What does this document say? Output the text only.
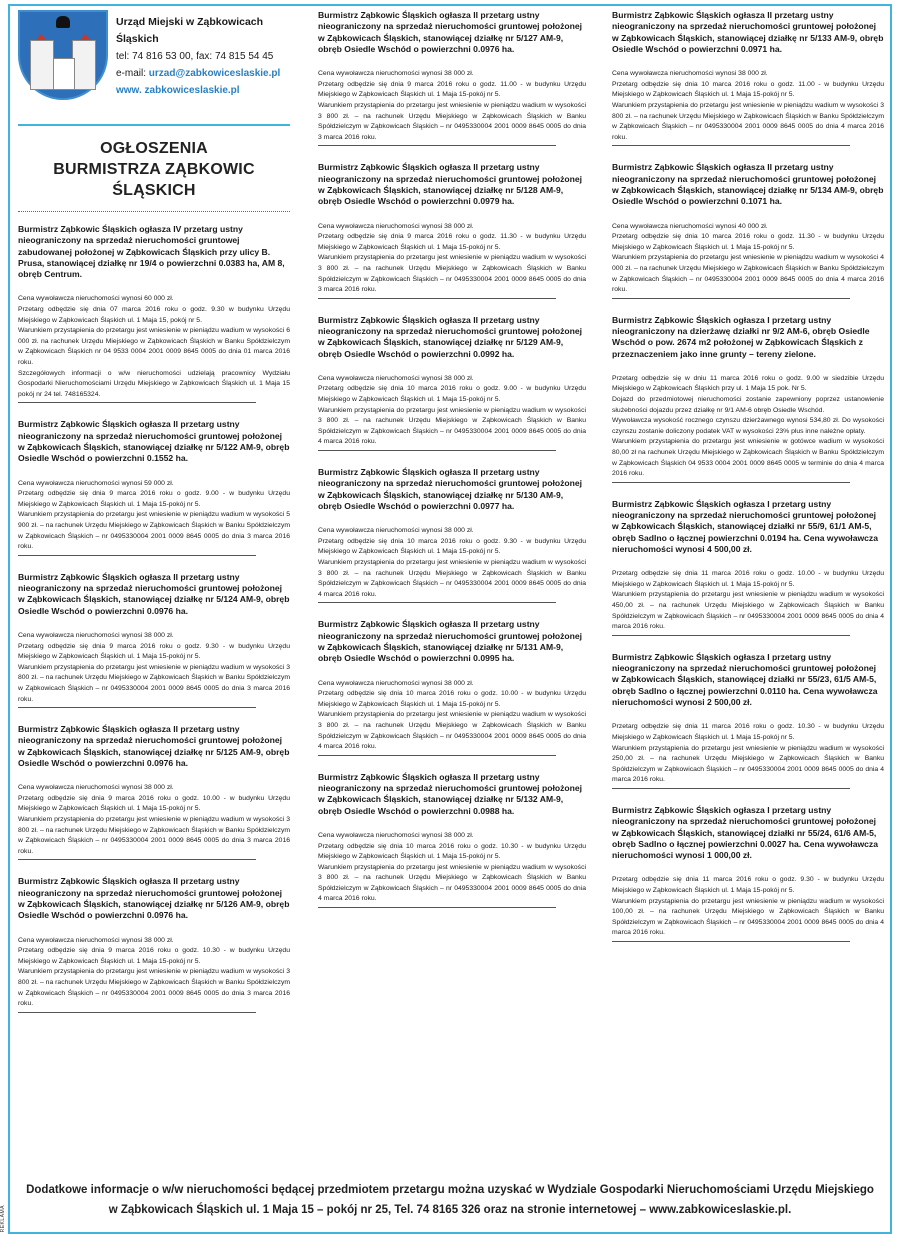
REKLAMA
Urząd Miejski w Ząbkowicach Śląskich
tel: 74 816 53 00, fax: 74 815 54 45
e-mail: urzad@zabkowiceslaskie.pl
www. zabkowiceslaskie.pl
OGŁOSZENIA
BURMISTRZA ZĄBKOWIC ŚLĄSKICH
Burmistrz Ząbkowic Śląskich ogłasza IV przetarg ustny nieograniczony na sprzedaż nieruchomości gruntowej zabudowanej położonej w Ząbkowicach Śląskich przy ulicy B. Prusa, stanowiącej działkę nr 19/4 o powierzchni 0.0383 ha, AM 8, obręb Centrum.

Cena wywoławcza nieruchomości wynosi 60 000 zł.

Przetarg odbędzie się dnia 07 marca 2016 roku o godz. 9.30 w budynku Urzędu Miejskiego w Ząbkowicach Śląskich ul. 1 Maja 15, pokój nr 5.

Warunkiem przystąpienia do przetargu jest wniesienie w pieniądzu wadium w wysokości 6 000 zł. na rachunek Urzędu Miejskiego w Ząbkowicach Śląskich w Banku Spółdzielczym w Ząbkowicach Śląskich nr 04 9533 0004 2001 0009 8645 0005 do dnia 01 marca 2016 roku.

Szczegółowych informacji o w/w nieruchomości udzielają pracownicy Wydziału Gospodarki Nieruchomościami Urzędu Miejskiego w Ząbkowicach Śląskich ul. 1 Maja 15 pokój nr 24 tel. 748165324.

Burmistrz Ząbkowic Śląskich ogłasza II przetarg ustny nieograniczony na sprzedaż nieruchomości gruntowej położonej w Ząbkowicach Śląskich, stanowiącej działkę nr 5/122 AM-9, obręb Osiedle Wschód o powierzchni 0.1552 ha.

Cena wywoławcza nieruchomości wynosi 59 000 zł.

Przetarg odbędzie się dnia 9 marca 2016 roku o godz. 9.00 - w budynku Urzędu Miejskiego w Ząbkowicach Śląskich ul. 1 Maja 15-pokój nr 5.

Warunkiem przystąpienia do przetargu jest wniesienie w pieniądzu wadium w wysokości 5 900 zł. – na rachunek Urzędu Miejskiego w Ząbkowicach Śląskich w Banku Spółdzielczym w Ząbkowicach Śląskich – nr 0495330004 2001 0009 8645 0005 do dnia 3 marca 2016 roku.

Burmistrz Ząbkowic Śląskich ogłasza II przetarg ustny nieograniczony na sprzedaż nieruchomości gruntowej położonej w Ząbkowicach Śląskich, stanowiącej działkę nr 5/124 AM-9, obręb Osiedle Wschód o powierzchni 0.0976 ha.

Cena wywoławcza nieruchomości wynosi 38 000 zł.

Przetarg odbędzie się dnia 9 marca 2016 roku o godz. 9.30 - w budynku Urzędu Miejskiego w Ząbkowicach Śląskich ul. 1 Maja 15-pokój nr 5.

Warunkiem przystąpienia do przetargu jest wniesienie w pieniądzu wadium w wysokości 3 800 zł. – na rachunek Urzędu Miejskiego w Ząbkowicach Śląskich w Banku Spółdzielczym w Ząbkowicach Śląskich – nr 0495330004 2001 0009 8645 0005 do dnia 3 marca 2016 roku.

Burmistrz Ząbkowic Śląskich ogłasza II przetarg ustny nieograniczony na sprzedaż nieruchomości gruntowej położonej w Ząbkowicach Śląskich, stanowiącej działkę nr 5/125 AM-9, obręb Osiedle Wschód o powierzchni 0.0976 ha.

Cena wywoławcza nieruchomości wynosi 38 000 zł.

Przetarg odbędzie się dnia 9 marca 2016 roku o godz. 10.00 - w budynku Urzędu Miejskiego w Ząbkowicach Śląskich ul. 1 Maja 15-pokój nr 5.

Warunkiem przystąpienia do przetargu jest wniesienie w pieniądzu wadium w wysokości 3 800 zł. – na rachunek Urzędu Miejskiego w Ząbkowicach Śląskich w Banku Spółdzielczym w Ząbkowicach Śląskich – nr 0495330004 2001 0009 8645 0005 do dnia 3 marca 2016 roku.

Burmistrz Ząbkowic Śląskich ogłasza II przetarg ustny nieograniczony na sprzedaż nieruchomości gruntowej położonej w Ząbkowicach Śląskich, stanowiącej działkę nr 5/126 AM-9, obręb Osiedle Wschód o powierzchni 0.0976 ha.

Cena wywoławcza nieruchomości wynosi 38 000 zł.

Przetarg odbędzie się dnia 9 marca 2016 roku o godz. 10.30 - w budynku Urzędu Miejskiego w Ząbkowicach Śląskich ul. 1 Maja 15-pokój nr 5.

Warunkiem przystąpienia do przetargu jest wniesienie w pieniądzu wadium w wysokości 3 800 zł. – na rachunek Urzędu Miejskiego w Ząbkowicach Śląskich w Banku Spółdzielczym w Ząbkowicach Śląskich – nr 0495330004 2001 0009 8645 0005 do dnia 3 marca 2016 roku.

Burmistrz Ząbkowic Śląskich ogłasza II przetarg ustny nieograniczony na sprzedaż nieruchomości gruntowej położonej w Ząbkowicach Śląskich, stanowiącej działkę nr 5/127 AM-9, obręb Osiedle Wschód o powierzchni 0.0976 ha.

Cena wywoławcza nieruchomości wynosi 38 000 zł.

Przetarg odbędzie się dnia 9 marca 2016 roku o godz. 11.00 - w budynku Urzędu Miejskiego w Ząbkowicach Śląskich ul. 1 Maja 15-pokój nr 5.

Warunkiem przystąpienia do przetargu jest wniesienie w pieniądzu wadium w wysokości 3 800 zł. – na rachunek Urzędu Miejskiego w Ząbkowicach Śląskich w Banku Spółdzielczym w Ząbkowicach Śląskich – nr 0495330004 2001 0009 8645 0005 do dnia 3 marca 2016 roku.

Burmistrz Ząbkowic Śląskich ogłasza II przetarg ustny nieograniczony na sprzedaż nieruchomości gruntowej położonej w Ząbkowicach Śląskich, stanowiącej działkę nr 5/128 AM-9, obręb Osiedle Wschód o powierzchni 0.0979 ha.

Cena wywoławcza nieruchomości wynosi 38 000 zł.

Przetarg odbędzie się dnia 9 marca 2016 roku o godz. 11.30 - w budynku Urzędu Miejskiego w Ząbkowicach Śląskich ul. 1 Maja 15-pokój nr 5.

Warunkiem przystąpienia do przetargu jest wniesienie w pieniądzu wadium w wysokości 3 800 zł. – na rachunek Urzędu Miejskiego w Ząbkowicach Śląskich w Banku Spółdzielczym w Ząbkowicach Śląskich – nr 0495330004 2001 0009 8645 0005 do dnia 3 marca 2016 roku.

Burmistrz Ząbkowic Śląskich ogłasza II przetarg ustny nieograniczony na sprzedaż nieruchomości gruntowej położonej w Ząbkowicach Śląskich, stanowiącej działkę nr 5/129 AM-9, obręb Osiedle Wschód o powierzchni 0.0992 ha.

Cena wywoławcza nieruchomości wynosi 38 000 zł.

Przetarg odbędzie się dnia 10 marca 2016 roku o godz. 9.00 - w budynku Urzędu Miejskiego w Ząbkowicach Śląskich ul. 1 Maja 15-pokój nr 5.

Warunkiem przystąpienia do przetargu jest wniesienie w pieniądzu wadium w wysokości 3 800 zł. – na rachunek Urzędu Miejskiego w Ząbkowicach Śląskich w Banku Spółdzielczym w Ząbkowicach Śląskich – nr 0495330004 2001 0009 8645 0005 do dnia 4 marca 2016 roku.

Burmistrz Ząbkowic Śląskich ogłasza II przetarg ustny nieograniczony na sprzedaż nieruchomości gruntowej położonej w Ząbkowicach Śląskich, stanowiącej działkę nr 5/130 AM-9, obręb Osiedle Wschód o powierzchni 0.0977 ha.

Cena wywoławcza nieruchomości wynosi 38 000 zł.

Przetarg odbędzie się dnia 10 marca 2016 roku o godz. 9.30 - w budynku Urzędu Miejskiego w Ząbkowicach Śląskich ul. 1 Maja 15-pokój nr 5.

Warunkiem przystąpienia do przetargu jest wniesienie w pieniądzu wadium w wysokości 3 800 zł. – na rachunek Urzędu Miejskiego w Ząbkowicach Śląskich w Banku Spółdzielczym w Ząbkowicach Śląskich – nr 0495330004 2001 0009 8645 0005 do dnia 4 marca 2016 roku.

Burmistrz Ząbkowic Śląskich ogłasza II przetarg ustny nieograniczony na sprzedaż nieruchomości gruntowej położonej w Ząbkowicach Śląskich, stanowiącej działkę nr 5/131 AM-9, obręb Osiedle Wschód o powierzchni 0.0995 ha.

Cena wywoławcza nieruchomości wynosi 38 000 zł.

Przetarg odbędzie się dnia 10 marca 2016 roku o godz. 10.00 - w budynku Urzędu Miejskiego w Ząbkowicach Śląskich ul. 1 Maja 15-pokój nr 5.

Warunkiem przystąpienia do przetargu jest wniesienie w pieniądzu wadium w wysokości 3 800 zł. – na rachunek Urzędu Miejskiego w Ząbkowicach Śląskich w Banku Spółdzielczym w Ząbkowicach Śląskich – nr 0495330004 2001 0009 8645 0005 do dnia 4 marca 2016 roku.

Burmistrz Ząbkowic Śląskich ogłasza II przetarg ustny nieograniczony na sprzedaż nieruchomości gruntowej położonej w Ząbkowicach Śląskich, stanowiącej działkę nr 5/132 AM-9, obręb Osiedle Wschód o powierzchni 0.0988 ha.

Cena wywoławcza nieruchomości wynosi 38 000 zł.

Przetarg odbędzie się dnia 10 marca 2016 roku o godz. 10.30 - w budynku Urzędu Miejskiego w Ząbkowicach Śląskich ul. 1 Maja 15-pokój nr 5.

Warunkiem przystąpienia do przetargu jest wniesienie w pieniądzu wadium w wysokości 3 800 zł. – na rachunek Urzędu Miejskiego w Ząbkowicach Śląskich w Banku Spółdzielczym w Ząbkowicach Śląskich – nr 0495330004 2001 0009 8645 0005 do dnia 4 marca 2016 roku.

Burmistrz Ząbkowic Śląskich ogłasza II przetarg ustny nieograniczony na sprzedaż nieruchomości gruntowej położonej w Ząbkowicach Śląskich, stanowiącej działkę nr 5/133 AM-9, obręb Osiedle Wschód o powierzchni 0.0971 ha.

Cena wywoławcza nieruchomości wynosi 38 000 zł.

Przetarg odbędzie się dnia 10 marca 2016 roku o godz. 11.00 - w budynku Urzędu Miejskiego w Ząbkowicach Śląskich ul. 1 Maja 15-pokój nr 5.

Warunkiem przystąpienia do przetargu jest wniesienie w pieniądzu wadium w wysokości 3 800 zł. – na rachunek Urzędu Miejskiego w Ząbkowicach Śląskich w Banku Spółdzielczym w Ząbkowicach Śląskich – nr 0495330004 2001 0009 8645 0005 do dnia 4 marca 2016 roku.

Burmistrz Ząbkowic Śląskich ogłasza II przetarg ustny nieograniczony na sprzedaż nieruchomości gruntowej położonej w Ząbkowicach Śląskich, stanowiącej działkę nr 5/134 AM-9, obręb Osiedle Wschód o powierzchni 0.1071 ha.

Cena wywoławcza nieruchomości wynosi 40 000 zł.

Przetarg odbędzie się dnia 10 marca 2016 roku o godz. 11.30 - w budynku Urzędu Miejskiego w Ząbkowicach Śląskich ul. 1 Maja 15-pokój nr 5.

Warunkiem przystąpienia do przetargu jest wniesienie w pieniądzu wadium w wysokości 4 000 zł. – na rachunek Urzędu Miejskiego w Ząbkowicach Śląskich w Banku Spółdzielczym w Ząbkowicach Śląskich – nr 0495330004 2001 0009 8645 0005 do dnia 4 marca 2016 roku.

Burmistrz Ząbkowic Śląskich ogłasza I przetarg ustny nieograniczony na dzierżawę działki nr 9/2 AM-6, obręb Osiedle Wschód o pow. 2674 m2 położonej w Ząbkowicach Śląskich z przeznaczeniem jako inne grunty – tereny zielone.

Przetarg odbędzie się w dniu 11 marca 2016 roku o godz. 9.00 w siedzibie Urzędu Miejskiego w Ząbkowicach Śląskich przy ul. 1 Maja 15 pok. Nr 5.

Dojazd do przedmiotowej nieruchomości zostanie zapewniony poprzez ustanowienie służebności dojazdu przez działkę nr 9/1 AM-6 obręb Osiedle Wschód.

Wywoławcza wysokość rocznego czynszu dzierżawnego wynosi 534,80 zł. Do wysokości czynszu zostanie doliczony podatek VAT w wysokości 23% plus inne należne opłaty.

Warunkiem przystąpienia do przetargu jest wniesienie w gotówce wadium w wysokości 80,00 zł na rachunek Urzędu Miejskiego w Ząbkowicach Śląskich w Banku Spółdzielczym w Ząbkowicach Śląskich 04 9533 0004 2001 0009 8645 0005 w terminie do dnia 4 marca 2016 roku.

Burmistrz Ząbkowic Śląskich ogłasza I przetarg ustny nieograniczony na sprzedaż nieruchomości gruntowej położonej w Ząbkowicach Śląskich, stanowiącej działki nr 55/9, 61/1 AM-5, obręb Sadlno o łącznej powierzchni 0.0194 ha. Cena wywoławcza nieruchomości wynosi 4 500,00 zł.

Przetarg odbędzie się dnia 11 marca 2016 roku o godz. 10.00 - w budynku Urzędu Miejskiego w Ząbkowicach Śląskich ul. 1 Maja 15-pokój nr 5.

Warunkiem przystąpienia do przetargu jest wniesienie w pieniądzu wadium w wysokości 450,00 zł. – na rachunek Urzędu Miejskiego w Ząbkowicach Śląskich w Banku Spółdzielczym w Ząbkowicach Śląskich – nr 0495330004 2001 0009 8645 0005 do dnia 4 marca 2016 roku.

Burmistrz Ząbkowic Śląskich ogłasza I przetarg ustny nieograniczony na sprzedaż nieruchomości gruntowej położonej w Ząbkowicach Śląskich, stanowiącej działki nr 55/23, 61/5 AM-5, obręb Sadlno o łącznej powierzchni 0.0110 ha. Cena wywoławcza nieruchomości wynosi 2 500,00 zł.

Przetarg odbędzie się dnia 11 marca 2016 roku o godz. 10.30 - w budynku Urzędu Miejskiego w Ząbkowicach Śląskich ul. 1 Maja 15-pokój nr 5.

Warunkiem przystąpienia do przetargu jest wniesienie w pieniądzu wadium w wysokości 250,00 zł. – na rachunek Urzędu Miejskiego w Ząbkowicach Śląskich w Banku Spółdzielczym w Ząbkowicach Śląskich – nr 0495330004 2001 0009 8645 0005 do dnia 4 marca 2016 roku.

Burmistrz Ząbkowic Śląskich ogłasza I przetarg ustny nieograniczony na sprzedaż nieruchomości gruntowej położonej w Ząbkowicach Śląskich, stanowiącej działki nr 55/24, 61/6 AM-5, obręb Sadlno o łącznej powierzchni 0.0027 ha. Cena wywoławcza nieruchomości wynosi 1 000,00 zł.

Przetarg odbędzie się dnia 11 marca 2016 roku o godz. 9.30 - w budynku Urzędu Miejskiego w Ząbkowicach Śląskich ul. 1 Maja 15-pokój nr 5.

Warunkiem przystąpienia do przetargu jest wniesienie w pieniądzu wadium w wysokości 100,00 zł. – na rachunek Urzędu Miejskiego w Ząbkowicach Śląskich w Banku Spółdzielczym w Ząbkowicach Śląskich – nr 0495330004 2001 0009 8645 0005 do dnia 4 marca 2016 roku.

Dodatkowe informacje o w/w nieruchomości będącej przedmiotem przetargu można uzyskać w Wydziale Gospodarki Nieruchomościami Urzędu Miejskiego
w Ząbkowicach Śląskich ul. 1 Maja 15 – pokój nr 25, Tel. 74 8165 326 oraz na stronie internetowej – www.zabkowiceslaskie.pl.
